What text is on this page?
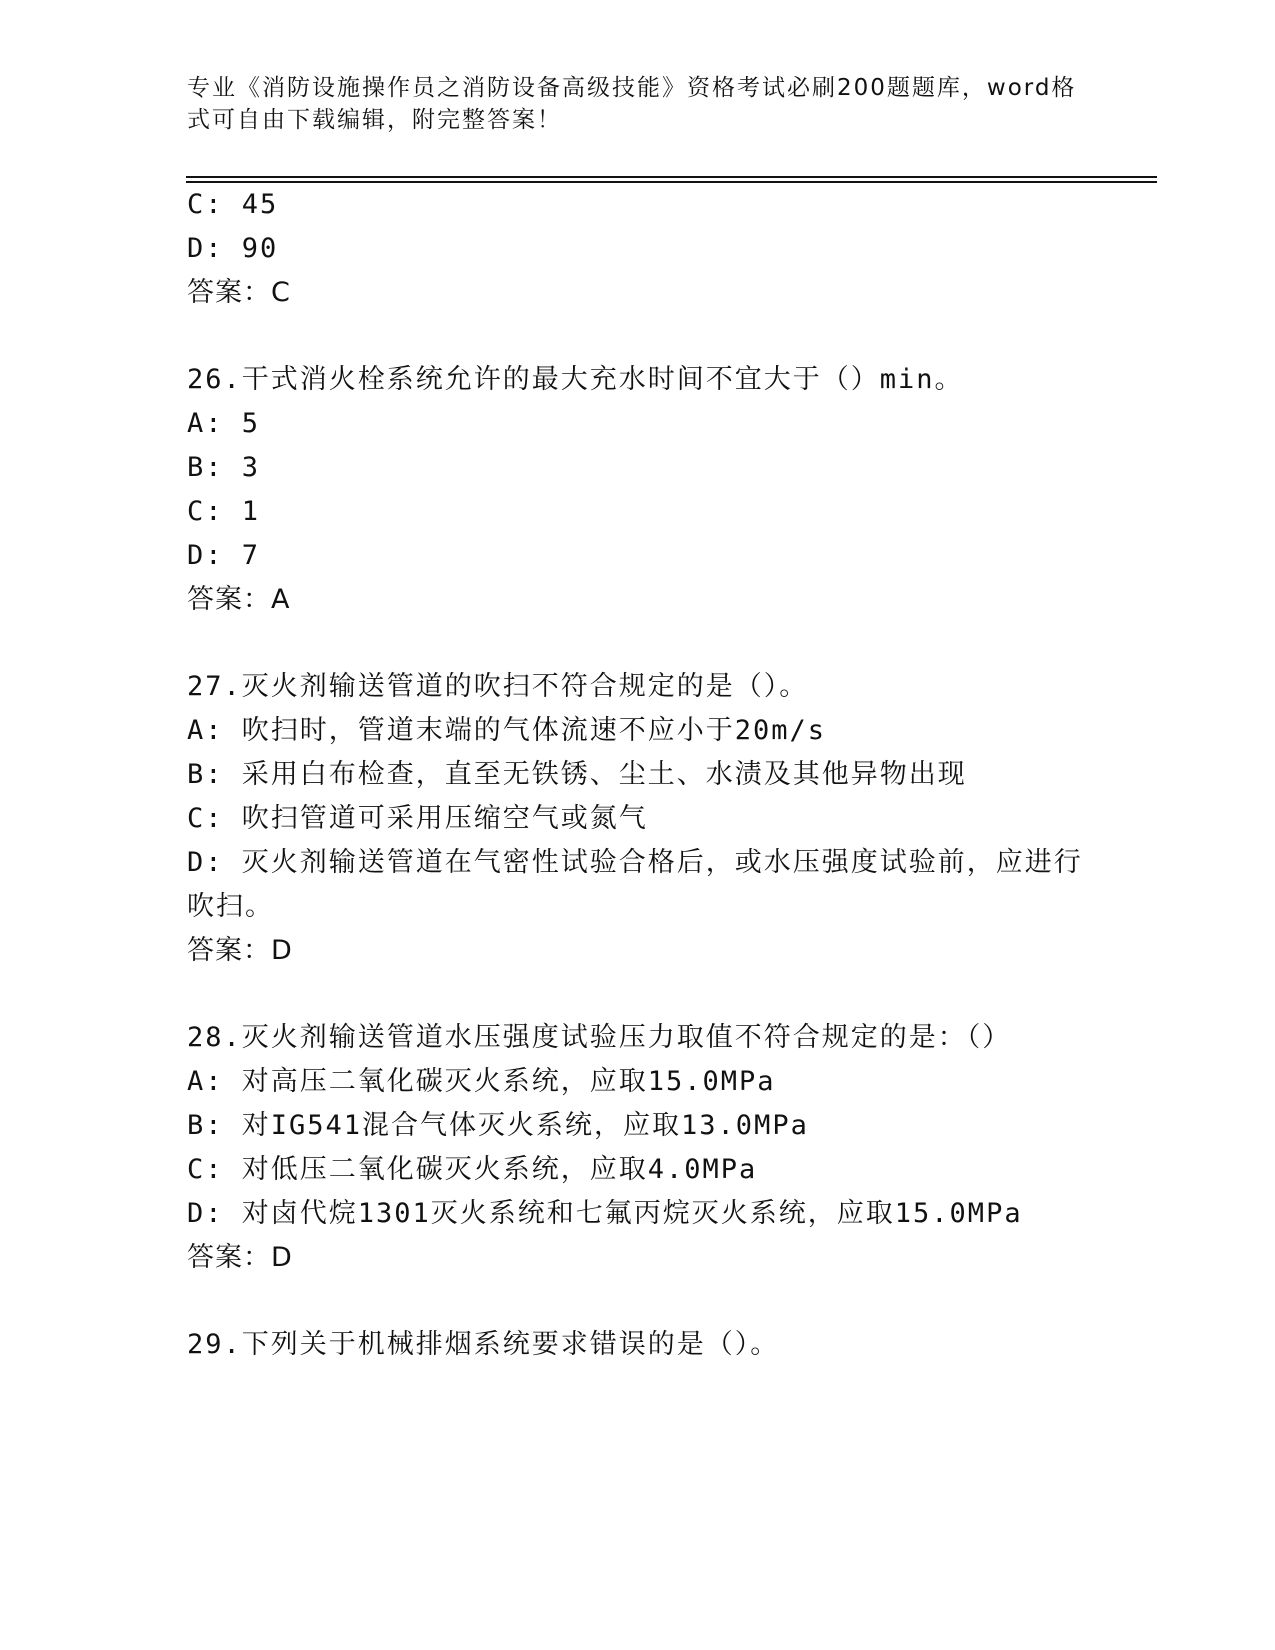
专业《消防设施操作员之消防设备高级技能》资格考试必刷200题题库，word格
式可自由下载编辑，附完整答案！
C: 45
D: 90
答案：C
26.干式消火栓系统允许的最大充水时间不宜大于（）min。
A: 5
B: 3
C: 1
D: 7
答案：A
27.灭火剂输送管道的吹扫不符合规定的是（）。
A: 吹扫时，管道末端的气体流速不应小于20m/s
B: 采用白布检查，直至无铁锈、尘土、水渍及其他异物出现
C: 吹扫管道可采用压缩空气或氮气
D: 灭火剂输送管道在气密性试验合格后，或水压强度试验前，应进行
吹扫。
答案：D
28.灭火剂输送管道水压强度试验压力取值不符合规定的是：（）
A: 对高压二氧化碳灭火系统，应取15.0MPa
B: 对IG541混合气体灭火系统，应取13.0MPa
C: 对低压二氧化碳灭火系统，应取4.0MPa
D: 对卤代烷1301灭火系统和七氟丙烷灭火系统，应取15.0MPa
答案：D
29.下列关于机械排烟系统要求错误的是（）。
